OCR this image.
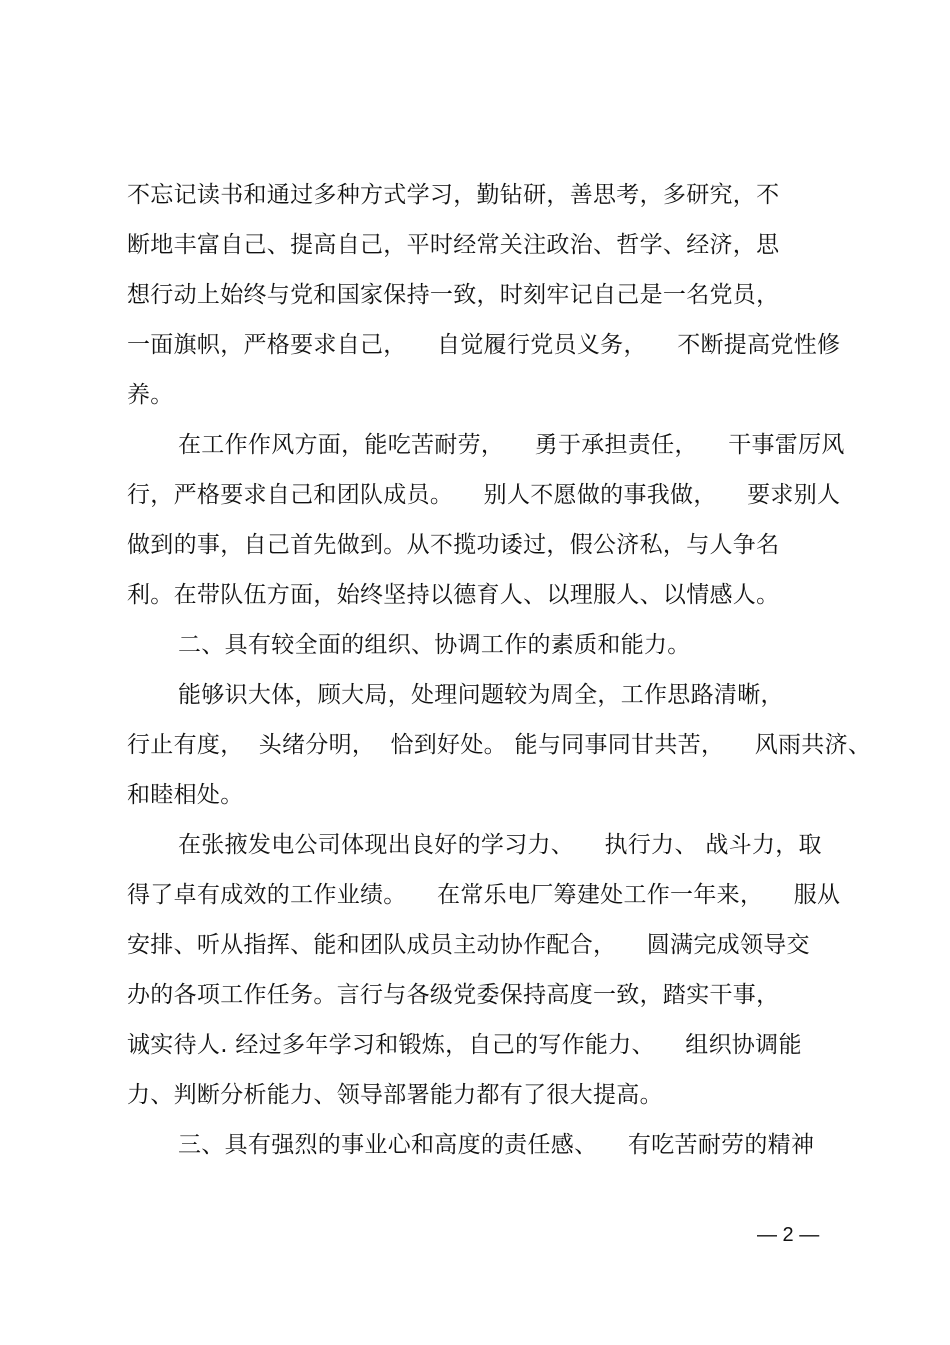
不忘记读书和通过多种方式学习，勤钻研，善思考，多研究，不
断地丰富自己、提高自己，平时经常关注政治、哲学、经济，思
想行动上始终与党和国家保持一致，时刻牢记自己是一名党员，
一面旗帜，严格要求自己，    自觉履行党员义务，    不断提高党性修
养。
在工作作风方面，能吃苦耐劳，    勇于承担责任，    干事雷厉风
行，严格要求自己和团队成员。    别人不愿做的事我做，    要求别人
做到的事，自己首先做到。从不揽功诿过，假公济私，与人争名
利。在带队伍方面，始终坚持以德育人、以理服人、以情感人。
二、具有较全面的组织、协调工作的素质和能力。
能够识大体，顾大局，处理问题较为周全，工作思路清晰，
行止有度，  头绪分明，  恰到好处。 能与同事同甘共苦，    风雨共济、
和睦相处。
在张掖发电公司体现出良好的学习力、    执行力、 战斗力，取
得了卓有成效的工作业绩。    在常乐电厂筹建处工作一年来，    服从
安排、听从指挥、能和团队成员主动协作配合，    圆满完成领导交
办的各项工作任务。言行与各级党委保持高度一致，踏实干事，
诚实待人. 经过多年学习和锻炼，自己的写作能力、    组织协调能
力、判断分析能力、领导部署能力都有了很大提高。
三、具有强烈的事业心和高度的责任感、    有吃苦耐劳的精神
— 2 —
